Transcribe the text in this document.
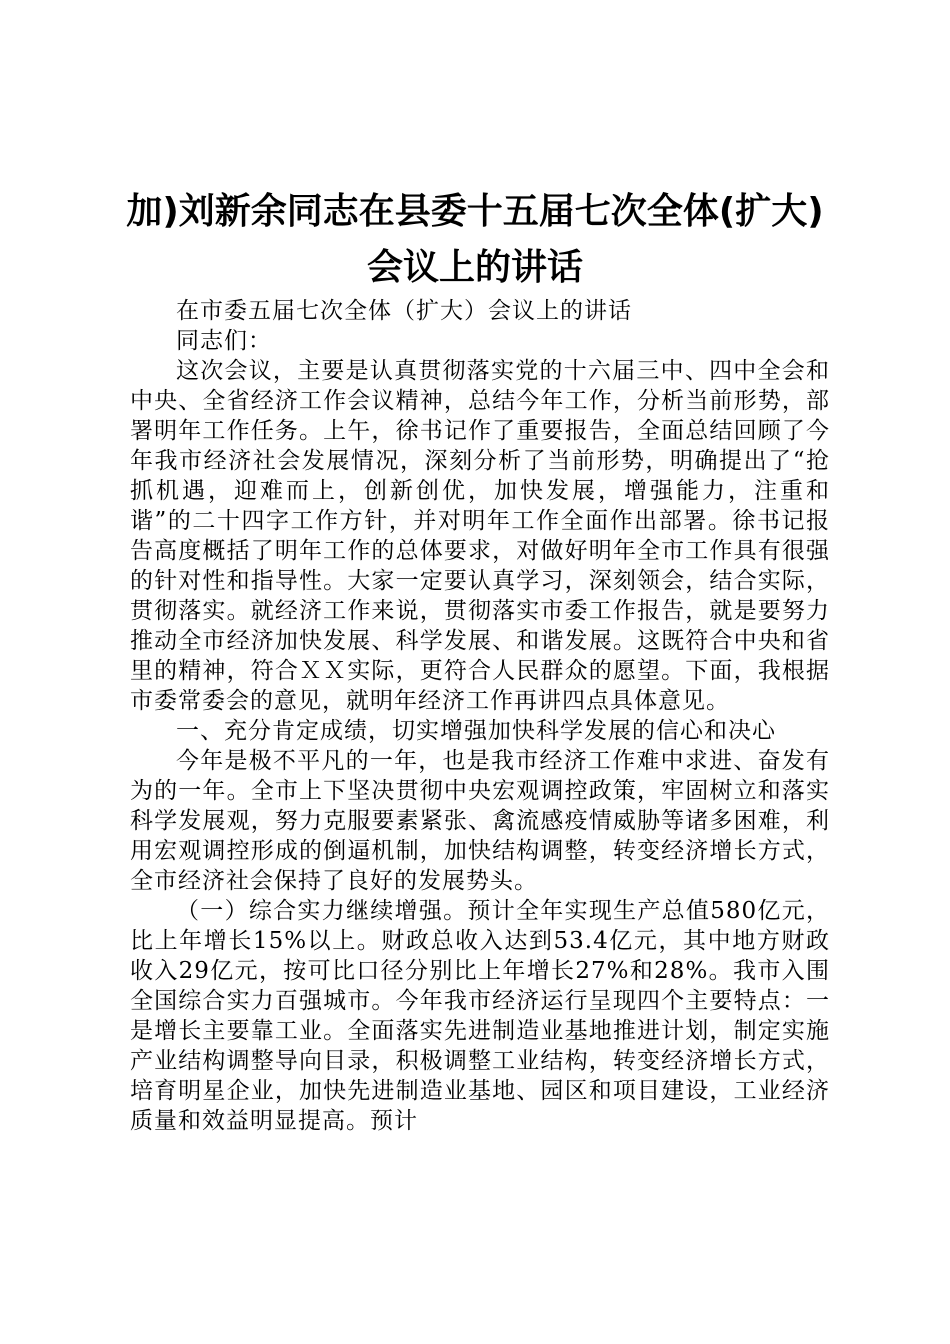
加)刘新余同志在县委十五届七次全体(扩大)
会议上的讲话

在市委五届七次全体（扩大）会议上的讲话

同志们：

这次会议，主要是认真贯彻落实党的十六届三中、四中全会和中央、全省经济工作会议精神，总结今年工作，分析当前形势，部署明年工作任务。上午，徐书记作了重要报告，全面总结回顾了今年我市经济社会发展情况，深刻分析了当前形势，明确提出了“抢抓机遇，迎难而上，创新创优，加快发展，增强能力，注重和谐”的二十四字工作方针，并对明年工作全面作出部署。徐书记报告高度概括了明年工作的总体要求，对做好明年全市工作具有很强的针对性和指导性。大家一定要认真学习，深刻领会，结合实际，贯彻落实。就经济工作来说，贯彻落实市委工作报告，就是要努力推动全市经济加快发展、科学发展、和谐发展。这既符合中央和省里的精神，符合ＸＸ实际，更符合人民群众的愿望。下面，我根据市委常委会的意见，就明年经济工作再讲四点具体意见。

一、充分肯定成绩，切实增强加快科学发展的信心和决心

今年是极不平凡的一年，也是我市经济工作难中求进、奋发有为的一年。全市上下坚决贯彻中央宏观调控政策，牢固树立和落实科学发展观，努力克服要素紧张、禽流感疫情威胁等诸多困难，利用宏观调控形成的倒逼机制，加快结构调整，转变经济增长方式，全市经济社会保持了良好的发展势头。

（一）综合实力继续增强。预计全年实现生产总值580亿元，比上年增长15%以上。财政总收入达到53.4亿元，其中地方财政收入29亿元，按可比口径分别比上年增长27%和28%。我市入围全国综合实力百强城市。今年我市经济运行呈现四个主要特点：一是增长主要靠工业。全面落实先进制造业基地推进计划，制定实施产业结构调整导向目录，积极调整工业结构，转变经济增长方式，培育明星企业，加快先进制造业基地、园区和项目建设，工业经济质量和效益明显提高。预计
